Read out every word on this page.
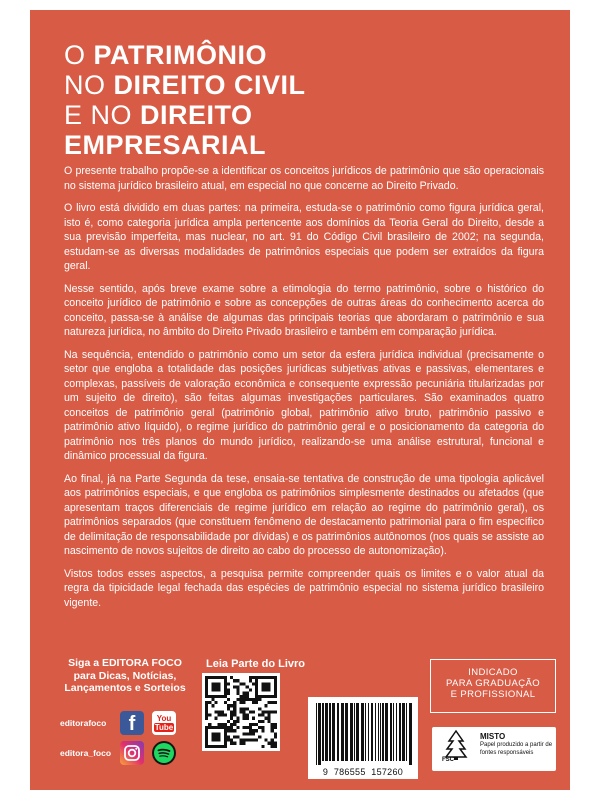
O PATRIMÔNIO
NO DIREITO CIVIL
E NO DIREITO
EMPRESARIAL

O presente trabalho propõe-se a identificar os conceitos jurídicos de patrimônio que são operacionais no sistema jurídico brasileiro atual, em especial no que concerne ao Direito Privado.

O livro está dividido em duas partes: na primeira, estuda-se o patrimônio como figura jurídica geral, isto é, como categoria jurídica ampla pertencente aos domínios da Teoria Geral do Direito, desde a sua previsão imperfeita, mas nuclear, no art. 91 do Código Civil brasileiro de 2002; na segunda, estudam-se as diversas modalidades de patrimônios especiais que podem ser extraídos da figura geral.

Nesse sentido, após breve exame sobre a etimologia do termo patrimônio, sobre o histórico do conceito jurídico de patrimônio e sobre as concepções de outras áreas do conhecimento acerca do conceito, passa-se à análise de algumas das principais teorias que abordaram o patrimônio e sua natureza jurídica, no âmbito do Direito Privado brasileiro e também em comparação jurídica.

Na sequência, entendido o patrimônio como um setor da esfera jurídica individual (precisamente o setor que engloba a totalidade das posições jurídicas subjetivas ativas e passivas, elementares e complexas, passíveis de valoração econômica e consequente expressão pecuniária titularizadas por um sujeito de direito), são feitas algumas investigações particulares. São examinados quatro conceitos de patrimônio geral (patrimônio global, patrimônio ativo bruto, patrimônio passivo e patrimônio ativo líquido), o regime jurídico do patrimônio geral e o posicionamento da categoria do patrimônio nos três planos do mundo jurídico, realizando-se uma análise estrutural, funcional e dinâmico processual da figura.

Ao final, já na Parte Segunda da tese, ensaia-se tentativa de construção de uma tipologia aplicável aos patrimônios especiais, e que engloba os patrimônios simplesmente destinados ou afetados (que apresentam traços diferenciais de regime jurídico em relação ao regime do patrimônio geral), os patrimônios separados (que constituem fenômeno de destacamento patrimonial para o fim específico de delimitação de responsabilidade por dívidas) e os patrimônios autônomos (nos quais se assiste ao nascimento de novos sujeitos de direito ao cabo do processo de autonomização).

Vistos todos esses aspectos, a pesquisa permite compreender quais os limites e o valor atual da regra da tipicidade legal fechada das espécies de patrimônio especial no sistema jurídico brasileiro vigente.

Siga a EDITORA FOCO
para Dicas, Notícias,
Lançamentos e Sorteios
editorafoco	f	You
Tube
editora_foco
Leia Parte do Livro
9 786555 157260
INDICADO
PARA GRADUAÇÃO
E PROFISSIONAL
FSC
MISTO
Papel produzido a partir de fontes responsáveis
